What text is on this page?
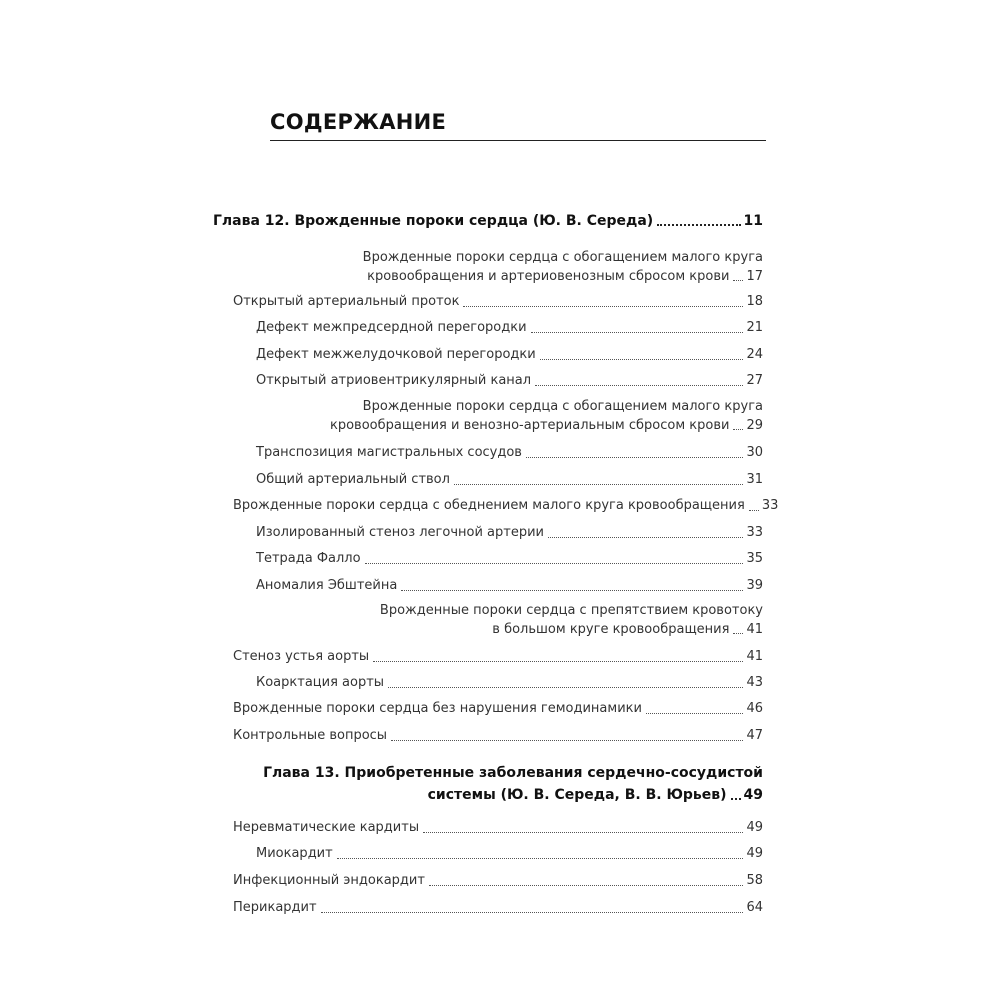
СОДЕРЖАНИЕ
Глава 12. Врожденные пороки сердца (Ю. В. Середа)	11
Врожденные пороки сердца с обогащением малого круга
кровообращения и артериовенозным сбросом крови 17
Открытый артериальный проток	18
Дефект межпредсердной перегородки	21
Дефект межжелудочковой перегородки	24
Открытый атриовентрикулярный канал	27
Врожденные пороки сердца с обогащением малого круга
кровообращения и венозно-артериальным сбросом крови 29
Транспозиция магистральных сосудов	30
Общий артериальный ствол	31
Врожденные пороки сердца с обеднением малого круга кровообращения 33
Изолированный стеноз легочной артерии	33
Тетрада Фалло	35
Аномалия Эбштейна	39
Врожденные пороки сердца с препятствием кровотоку
в большом круге кровообращения 41
Стеноз устья аорты	41
Коарктация аорты	43
Врожденные пороки сердца без нарушения гемодинамики	46
Контрольные вопросы	47
Глава 13. Приобретенные заболевания сердечно-сосудистой
системы (Ю. В. Середа, В. В. Юрьев) 49
Неревматические кардиты	49
Миокардит	49
Инфекционный эндокардит	58
Перикардит	64
